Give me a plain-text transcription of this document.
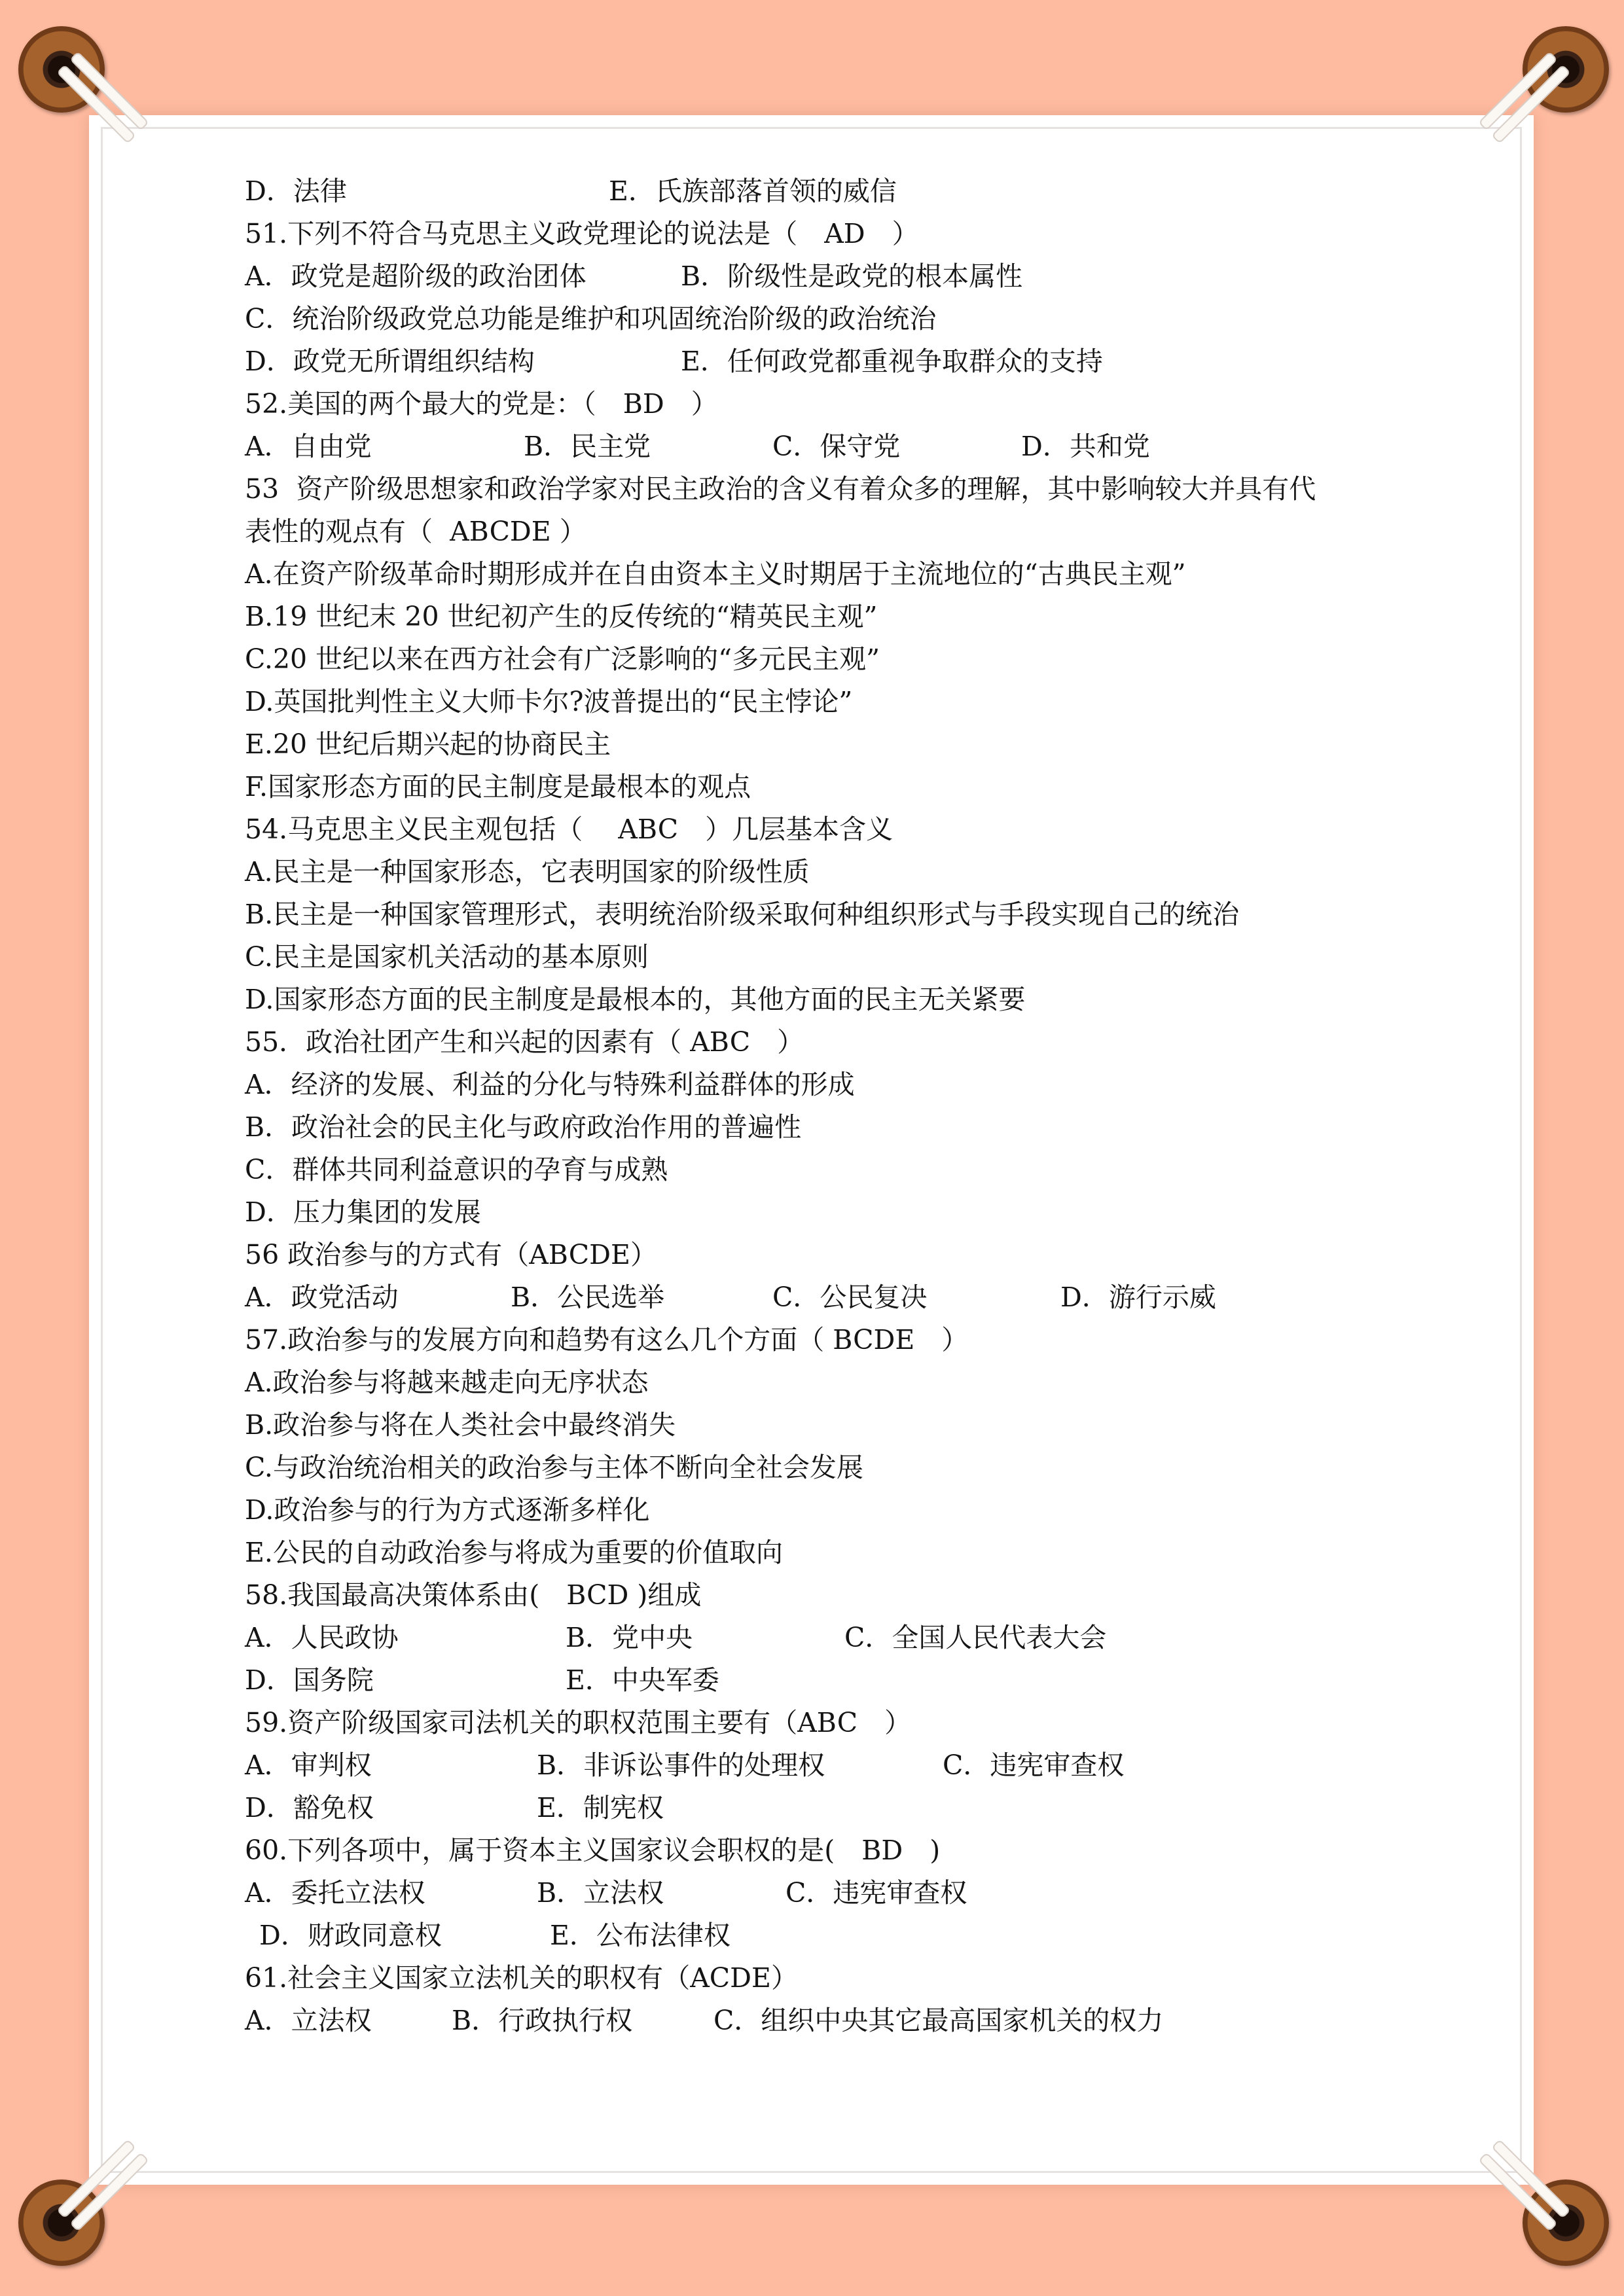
D．法律

	E．氏族部落首领的威信

51.下列不符合马克思主义政党理论的说法是（　AD　）

A．政党是超阶级的政治团体

	B．阶级性是政党的根本属性

C．统治阶级政党总功能是维护和巩固统治阶级的政治统治

D．政党无所谓组织结构

	E．任何政党都重视争取群众的支持

52.美国的两个最大的党是：（　BD　）

A．自由党

	B．民主党

	C．保守党

	D．共和党

53  资产阶级思想家和政治学家对民主政治的含义有着众多的理解，其中影响较大并具有代
表性的观点有（  ABCDE ）
A.在资产阶级革命时期形成并在自由资本主义时期居于主流地位的“古典民主观”
B.19 世纪末 20 世纪初产生的反传统的“精英民主观”
C.20 世纪以来在西方社会有广泛影响的“多元民主观”
D.英国批判性主义大师卡尔?波普提出的“民主悖论”
E.20 世纪后期兴起的协商民主
F.国家形态方面的民主制度是最根本的观点
54.马克思主义民主观包括（　 ABC　）几层基本含义
A.民主是一种国家形态，它表明国家的阶级性质
B.民主是一种国家管理形式，表明统治阶级采取何种组织形式与手段实现自己的统治
C.民主是国家机关活动的基本原则
D.国家形态方面的民主制度是最根本的，其他方面的民主无关紧要
55．政治社团产生和兴起的因素有（ ABC　）
A．经济的发展、利益的分化与特殊利益群体的形成
B．政治社会的民主化与政府政治作用的普遍性
C．群体共同利益意识的孕育与成熟
D．压力集团的发展
56 政治参与的方式有（ABCDE）

A．政党活动

	B．公民选举

	C．公民复决

	D．游行示威

57.政治参与的发展方向和趋势有这么几个方面（ BCDE　）
A.政治参与将越来越走向无序状态
B.政治参与将在人类社会中最终消失
C.与政治统治相关的政治参与主体不断向全社会发展
D.政治参与的行为方式逐渐多样化
E.公民的自动政治参与将成为重要的价值取向
58.我国最高决策体系由(　BCD )组成

A．人民政协

	B．党中央

	C．全国人民代表大会

D．国务院

	E．中央军委

59.资产阶级国家司法机关的职权范围主要有（ABC　）

A．审判权

	B．非诉讼事件的处理权

	C．违宪审查权

D．豁免权

	E．制宪权

60.下列各项中，属于资本主义国家议会职权的是(　BD　)

A．委托立法权

	B．立法权

	C．违宪审查权

D．财政同意权

	E．公布法律权

61.社会主义国家立法机关的职权有（ACDE）

A．立法权

	B．行政执行权

	C．组织中央其它最高国家机关的权力
